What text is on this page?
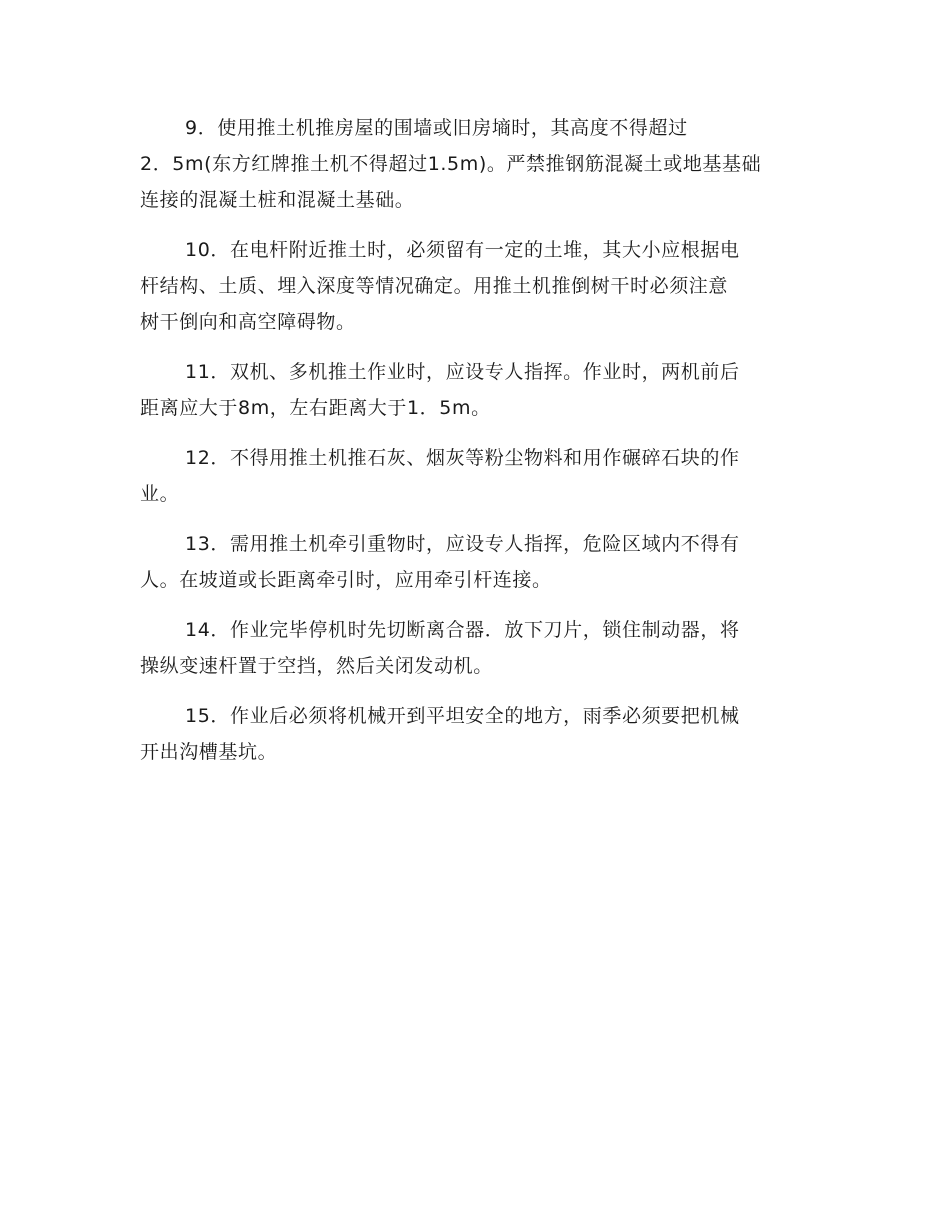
9．使用推土机推房屋的围墙或旧房墒时，其高度不得超过
2．5m(东方红牌推土机不得超过1.5m)。严禁推钢筋混凝土或地基基础
连接的混凝土桩和混凝土基础。

10．在电杆附近推土时，必须留有一定的土堆，其大小应根据电
杆结构、土质、埋入深度等情况确定。用推土机推倒树干时必须注意
树干倒向和高空障碍物。

11．双机、多机推土作业时，应设专人指挥。作业时，两机前后
距离应大于8m，左右距离大于1．5m。

12．不得用推土机推石灰、烟灰等粉尘物料和用作碾碎石块的作
业。

13．需用推土机牵引重物时，应设专人指挥，危险区域内不得有
人。在坡道或长距离牵引时，应用牵引杆连接。

14．作业完毕停机时先切断离合器．放下刀片，锁住制动器，将
操纵变速杆置于空挡，然后关闭发动机。

15．作业后必须将机械开到平坦安全的地方，雨季必须要把机械
开出沟槽基坑。
